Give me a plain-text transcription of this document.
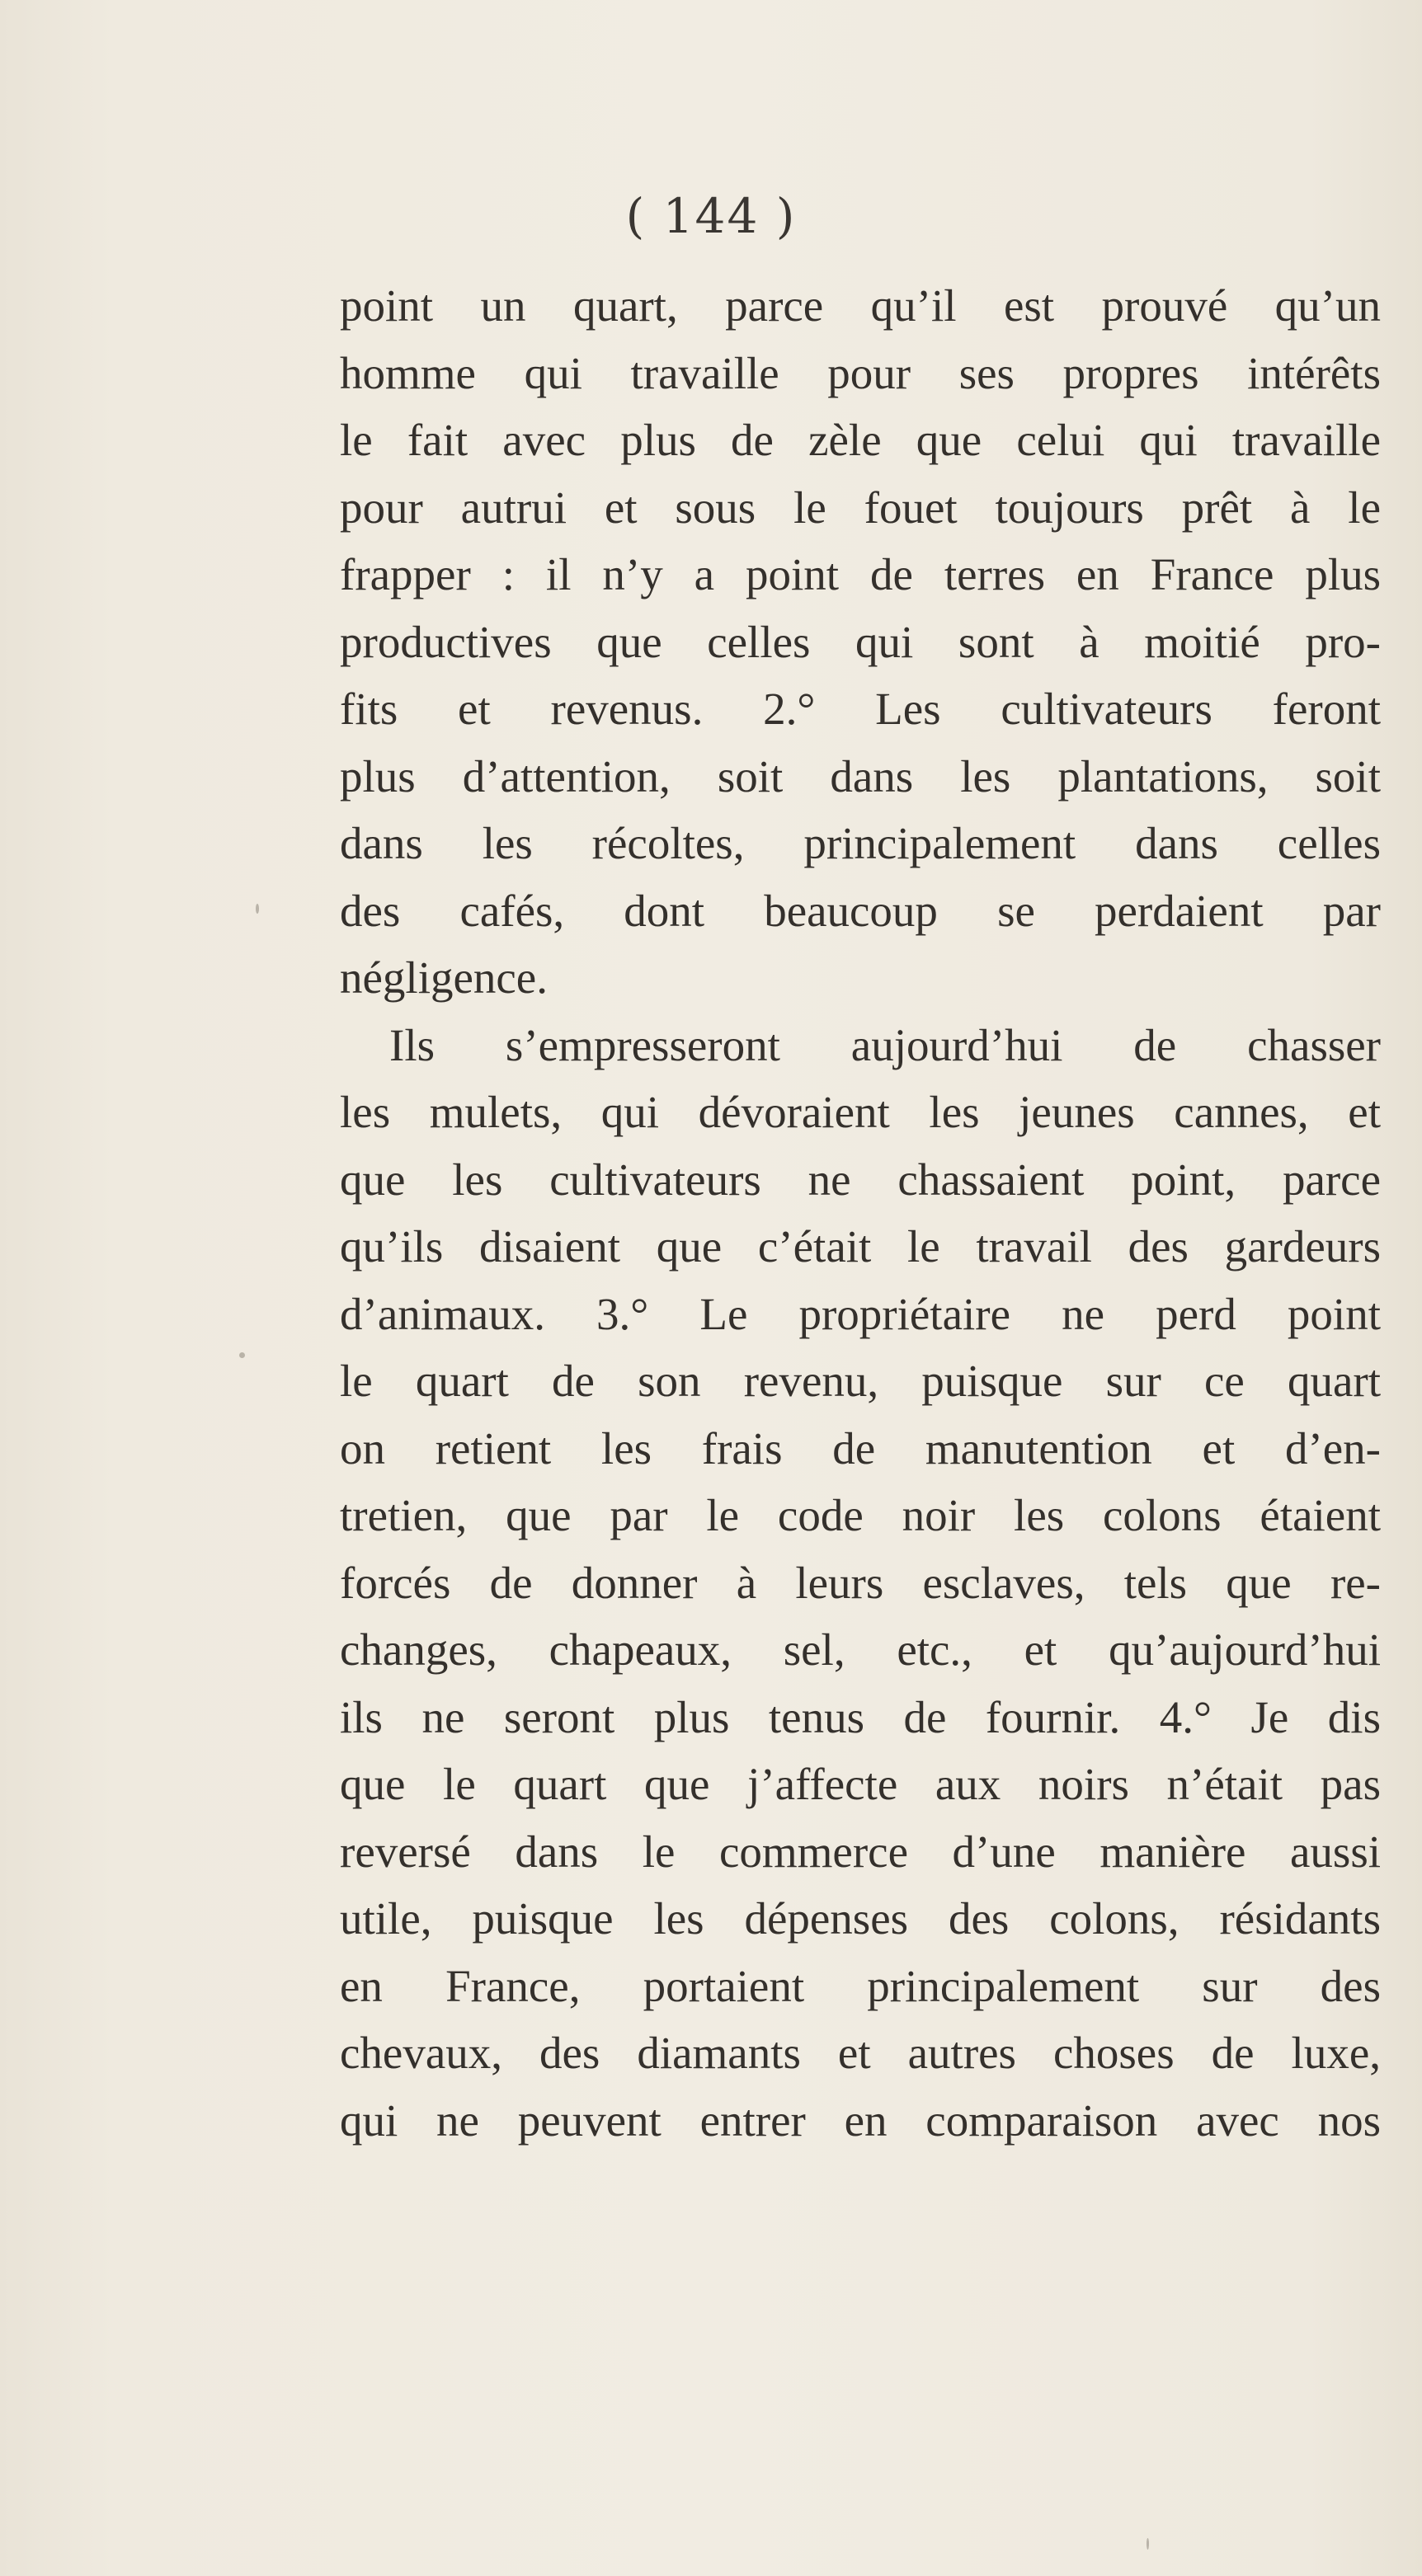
( 144 )
point un quart, parce qu’il est prouvé qu’un
homme qui travaille pour ses propres intérêts
le fait avec plus de zèle que celui qui travaille
pour autrui et sous le fouet toujours prêt à le
frapper : il n’y a point de terres en France plus
productives que celles qui sont à moitié pro-
fits et revenus. 2.° Les cultivateurs feront
plus d’attention, soit dans les plantations, soit
dans les récoltes, principalement dans celles
des cafés, dont beaucoup se perdaient par
négligence.
Ils s’empresseront aujourd’hui de chasser
les mulets, qui dévoraient les jeunes cannes, et
que les cultivateurs ne chassaient point, parce
qu’ils disaient que c’était le travail des gardeurs
d’animaux. 3.° Le propriétaire ne perd point
le quart de son revenu, puisque sur ce quart
on retient les frais de manutention et d’en-
tretien, que par le code noir les colons étaient
forcés de donner à leurs esclaves, tels que re-
changes, chapeaux, sel, etc., et qu’aujourd’hui
ils ne seront plus tenus de fournir. 4.° Je dis
que le quart que j’affecte aux noirs n’était pas
reversé dans le commerce d’une manière aussi
utile, puisque les dépenses des colons, résidants
en France, portaient principalement sur des
chevaux, des diamants et autres choses de luxe,
qui ne peuvent entrer en comparaison avec nos
